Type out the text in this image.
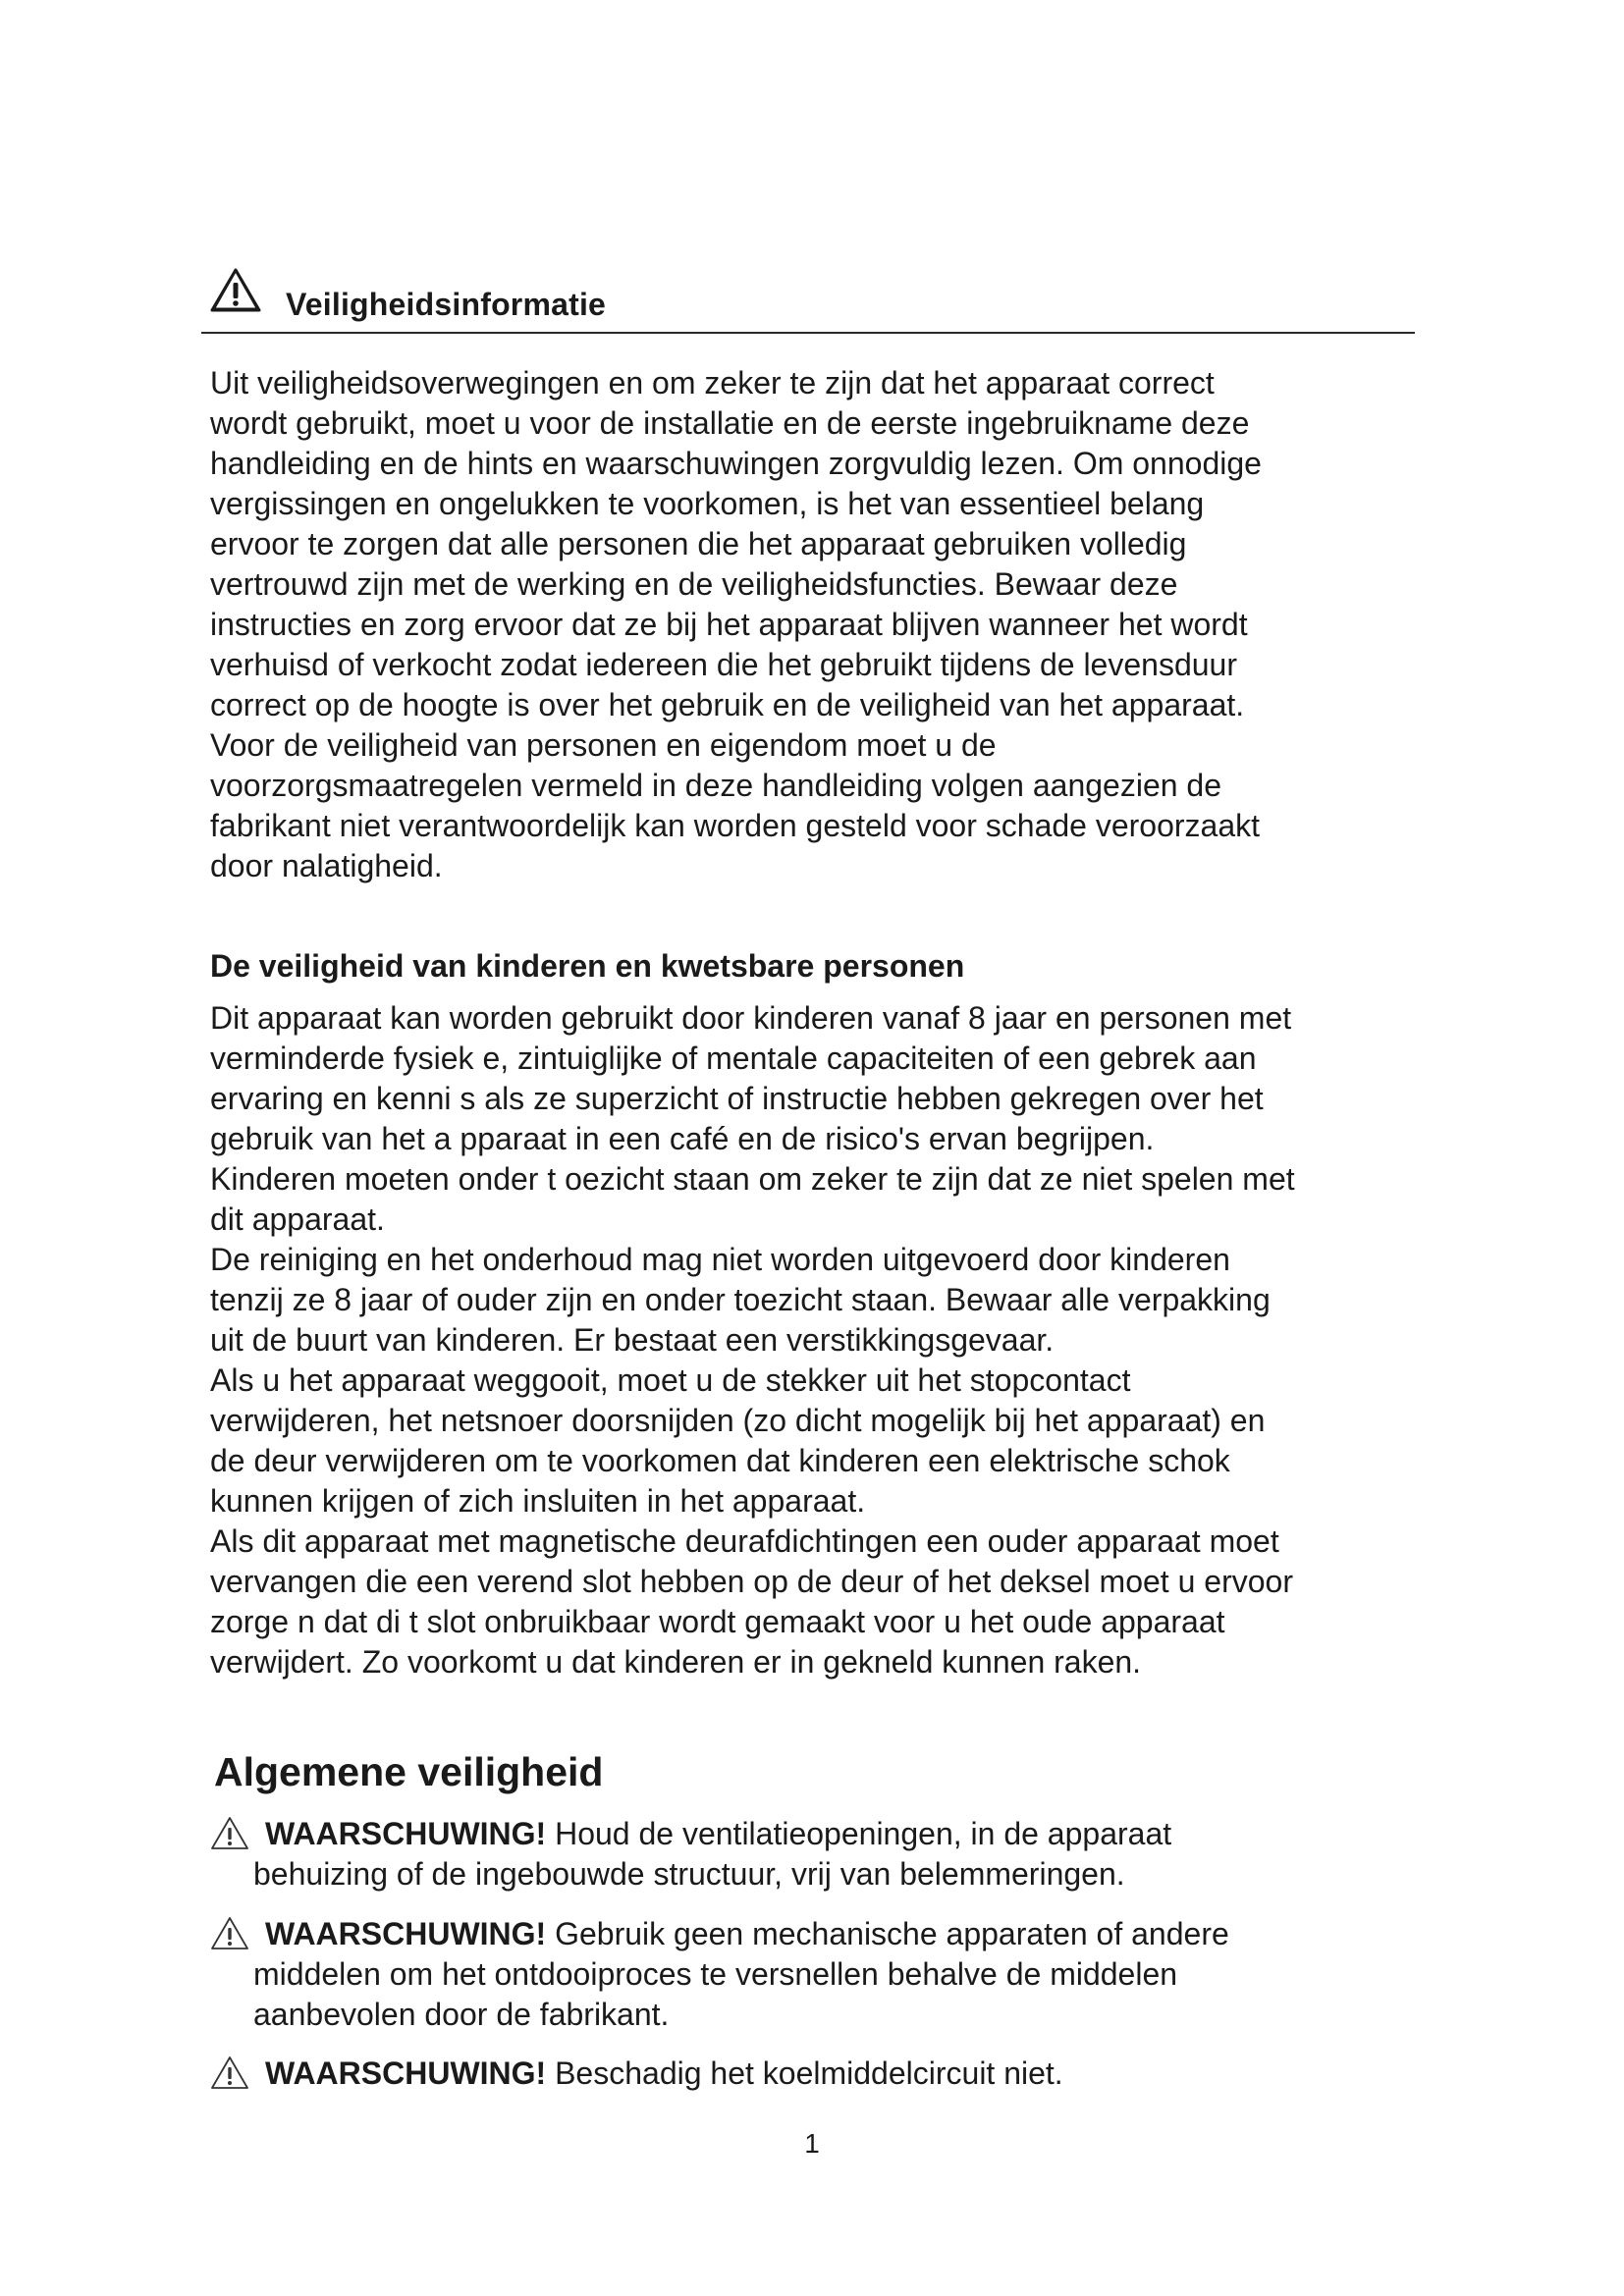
Veiligheidsinformatie
Uit veiligheidsoverwegingen en om zeker te zijn dat het apparaat correct
wordt gebruikt, moet u voor de installatie en de eerste ingebruikname deze
handleiding en de hints en waarschuwingen zorgvuldig lezen. Om onnodige
vergissingen en ongelukken te voorkomen, is het van essentieel belang
ervoor te zorgen dat alle personen die het apparaat gebruiken volledig
vertrouwd zijn met de werking en de veiligheidsfuncties. Bewaar deze
instructies en zorg ervoor dat ze bij het apparaat blijven wanneer het wordt
verhuisd of verkocht zodat iedereen die het gebruikt tijdens de levensduur
correct op de hoogte is over het gebruik en de veiligheid van het apparaat.
Voor de veiligheid van personen en eigendom moet u de
voorzorgsmaatregelen vermeld in deze handleiding volgen aangezien de
fabrikant niet verantwoordelijk kan worden gesteld voor schade veroorzaakt
door nalatigheid.
De veiligheid van kinderen en kwetsbare personen
Dit apparaat kan worden gebruikt door kinderen vanaf 8 jaar en personen met
verminderde fysiek e, zintuiglijke of mentale capaciteiten of een gebrek aan
ervaring en kenni s als ze superzicht of instructie hebben gekregen over het
gebruik van het a pparaat in een café en de risico's ervan begrijpen.
Kinderen moeten onder t oezicht staan om zeker te zijn dat ze niet spelen met
dit apparaat.
De reiniging en het onderhoud mag niet worden uitgevoerd door kinderen
tenzij ze 8 jaar of ouder zijn en onder toezicht staan. Bewaar alle verpakking
uit de buurt van kinderen. Er bestaat een verstikkingsgevaar.
Als u het apparaat weggooit, moet u de stekker uit het stopcontact
verwijderen, het netsnoer doorsnijden (zo dicht mogelijk bij het apparaat) en
de deur verwijderen om te voorkomen dat kinderen een elektrische schok
kunnen krijgen of zich insluiten in het apparaat.
Als dit apparaat met magnetische deurafdichtingen een ouder apparaat moet
vervangen die een verend slot hebben op de deur of het deksel moet u ervoor
zorge n dat di t slot onbruikbaar wordt gemaakt voor u het oude apparaat
verwijdert. Zo voorkomt u dat kinderen er in gekneld kunnen raken.
Algemene veiligheid
WAARSCHUWING! Houd de ventilatieopeningen, in de apparaat
behuizing of de ingebouwde structuur, vrij van belemmeringen.
WAARSCHUWING! Gebruik geen mechanische apparaten of andere
middelen om het ontdooiproces te versnellen behalve de middelen
aanbevolen door de fabrikant.
WAARSCHUWING! Beschadig het koelmiddelcircuit niet.
1
